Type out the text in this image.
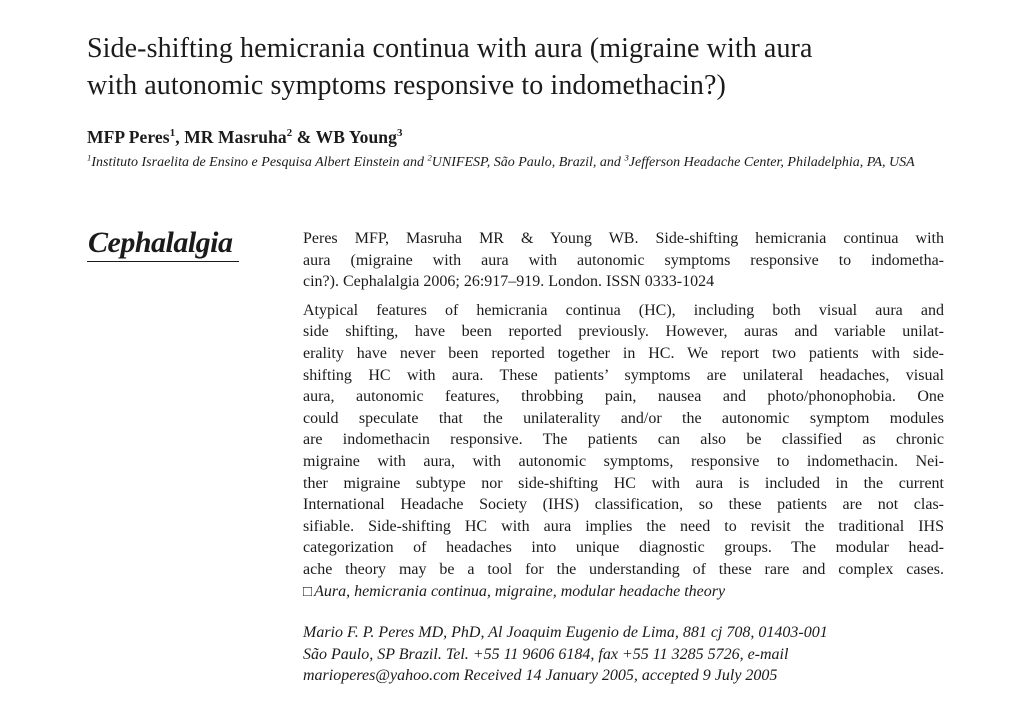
Side-shifting hemicrania continua with aura (migraine with aura
with autonomic symptoms responsive to indomethacin?)
MFP Peres$^1$, MR Masruha$^2$ & WB Young$^3$
$^1$Instituto Israelita de Ensino e Pesquisa Albert Einstein and $^2$UNIFESP, São Paulo, Brazil, and $^3$Jefferson Headache Center, Philadelphia, PA, USA
Cephalalgia	Peres MFP, Masruha MR & Young WB. Side-shifting hemicrania continua with
aura (migraine with aura with autonomic symptoms responsive to indometha-
cin?). Cephalalgia 2006; 26:917–919. London. ISSN 0333-1024
Atypical features of hemicrania continua (HC), including both visual aura and
side shifting, have been reported previously. However, auras and variable unilat-
erality have never been reported together in HC. We report two patients with side-
shifting HC with aura. These patients’ symptoms are unilateral headaches, visual
aura, autonomic features, throbbing pain, nausea and photo/phonophobia. One
could speculate that the unilaterality and/or the autonomic symptom modules
are indomethacin responsive. The patients can also be classified as chronic
migraine with aura, with autonomic symptoms, responsive to indomethacin. Nei-
ther migraine subtype nor side-shifting HC with aura is included in the current
International Headache Society (IHS) classification, so these patients are not clas-
sifiable. Side-shifting HC with aura implies the need to revisit the traditional IHS
categorization of headaches into unique diagnostic groups. The modular head-
ache theory may be a tool for the understanding of these rare and complex cases.
□ Aura, hemicrania continua, migraine, modular headache theory
Mario F. P. Peres MD, PhD, Al Joaquim Eugenio de Lima, 881 cj 708, 01403-001
São Paulo, SP Brazil. Tel. +55 11 9606 6184, fax +55 11 3285 5726, e-mail
marioperes@yahoo.com Received 14 January 2005, accepted 9 July 2005
